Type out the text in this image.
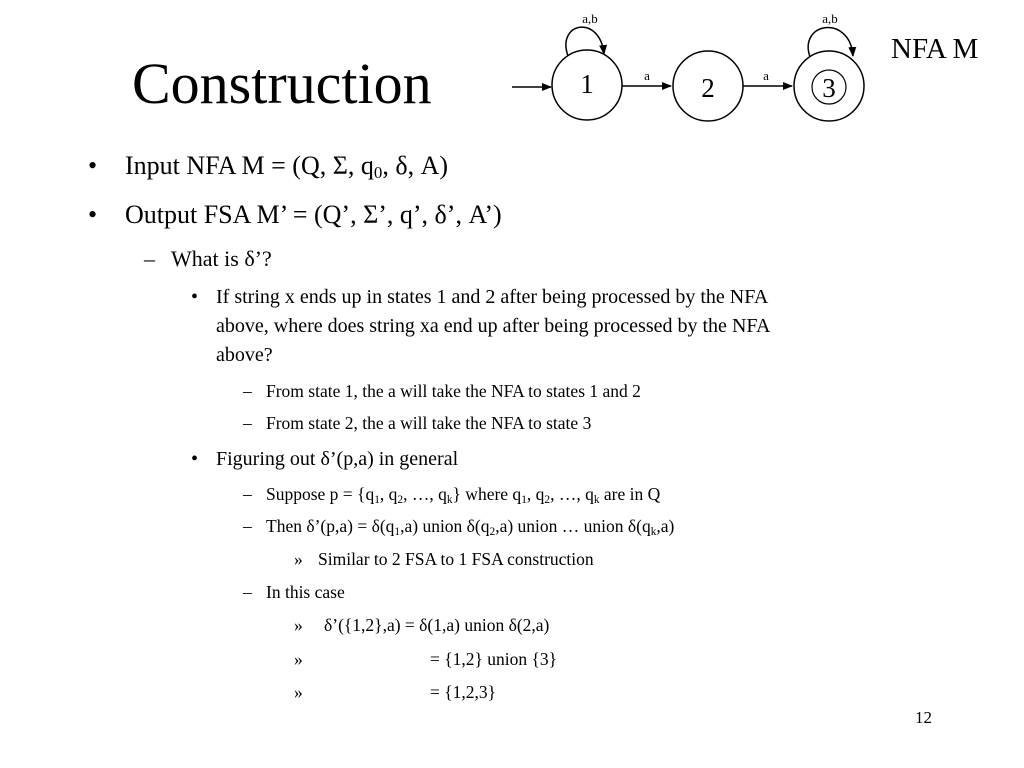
Construction
NFA M
1	2	3
a,b	a,b
a	a
• Input NFA M = (Q, Σ, $q_0$, δ, A)
• Output FSA M’ = (Q’, Σ’, q’, δ’, A’)
– What is δ’?
• If string x ends up in states 1 and 2 after being processed by the NFA
above, where does string xa end up after being processed by the NFA
above?
– From state 1, the a will take the NFA to states 1 and 2
– From state 2, the a will take the NFA to state 3
• Figuring out δ’(p,a) in general
– Suppose $p = \{q_1$, $q_2$, …, $q_k$} where $q_1$, $q_2$, …, $q_k$ are in Q
– Then δ’(p,a) = $\delta(q_1,a)$ union $\delta(q_2,a)$ union … union $\delta(q_k,a)$
» Similar to 2 FSA to 1 FSA construction
– In this case
» δ’({1,2},a) = δ(1,a) union δ(2,a)
»	= {1,2} union {3}
»	= {1,2,3}
12
